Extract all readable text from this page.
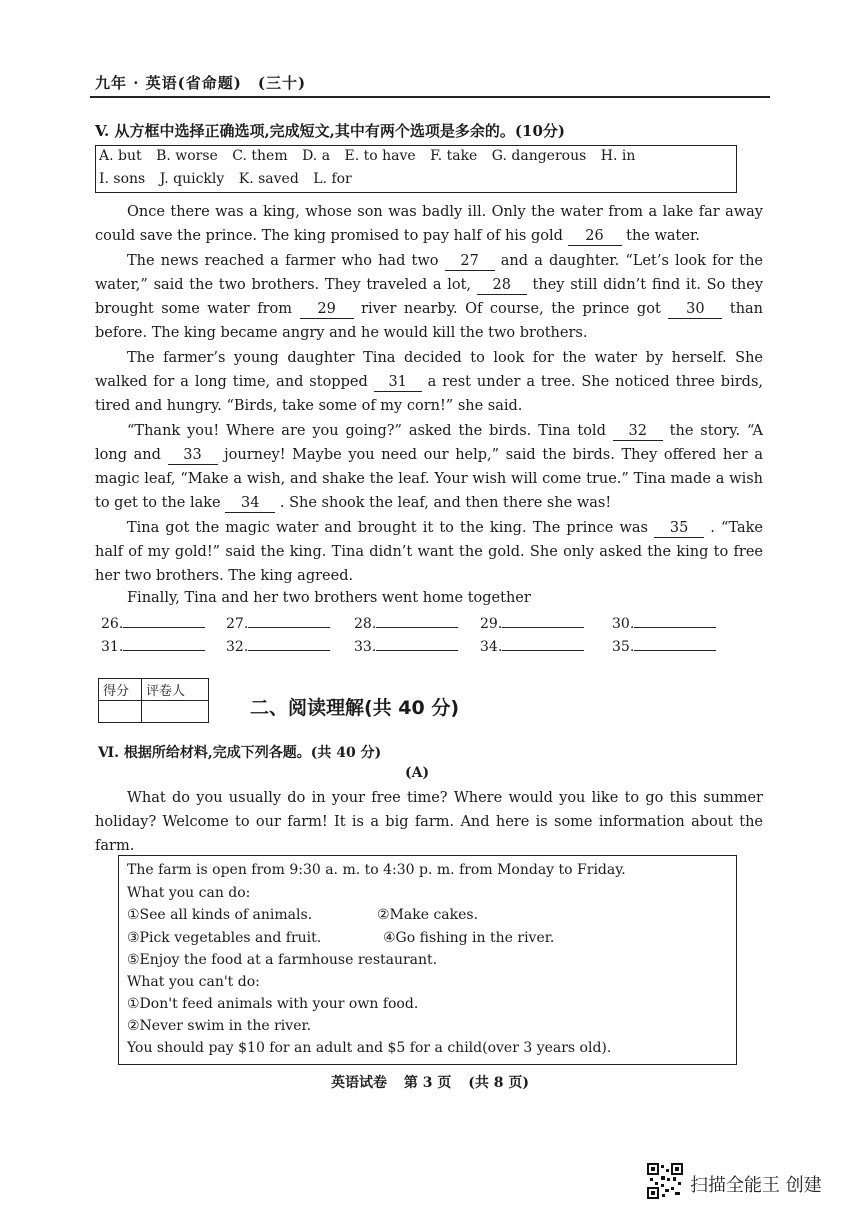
九年 · 英语(省命题)　(三十)
V. 从方框中选择正确选项,完成短文,其中有两个选项是多余的。(10分)
A. but B. worse C. them D. a E. to have F. take G. dangerous H. in
I. sons J. quickly K. saved L. for
Once there was a king, whose son was badly ill. Only the water from a lake far away could save the prince. The king promised to pay half of his gold 26 the water.
The news reached a farmer who had two 27 and a daughter. “Let’s look for the water,” said the two brothers. They traveled a lot, 28 they still didn’t find it. So they brought some water from 29 river nearby. Of course, the prince got 30 than before. The king became angry and he would kill the two brothers.
The farmer’s young daughter Tina decided to look for the water by herself. She walked for a long time, and stopped 31 a rest under a tree. She noticed three birds, tired and hungry. “Birds, take some of my corn!” she said.
“Thank you! Where are you going?” asked the birds. Tina told 32 the story. “A long and 33 journey! Maybe you need our help,” said the birds. They offered her a magic leaf, “Make a wish, and shake the leaf. Your wish will come true.” Tina made a wish to get to the lake 34 . She shook the leaf, and then there she was!
Tina got the magic water and brought it to the king. The prince was 35 . “Take half of my gold!” said the king. Tina didn’t want the gold. She only asked the king to free her two brothers. The king agreed.
Finally, Tina and her two brothers went home together
26.	27.	28.	29.	30.
31.	32.	33.	34.	35.
得分	评卷人

二、阅读理解(共 40 分)
Ⅵ. 根据所给材料,完成下列各题。(共 40 分)
(A)
What do you usually do in your free time? Where would you like to go this summer holiday? Welcome to our farm! It is a big farm. And here is some information about the farm.
The farm is open from 9:30 a. m. to 4:30 p. m. from Monday to Friday.
What you can do:
①See all kinds of animals.	②Make cakes.
③Pick vegetables and fruit.	④Go fishing in the river.
⑤Enjoy the food at a farmhouse restaurant.
What you can't do:
①Don't feed animals with your own food.
②Never swim in the river.
You should pay $10 for an adult and $5 for a child(over 3 years old).
英语试卷 第 3 页 (共 8 页)
扫描全能王 创建
